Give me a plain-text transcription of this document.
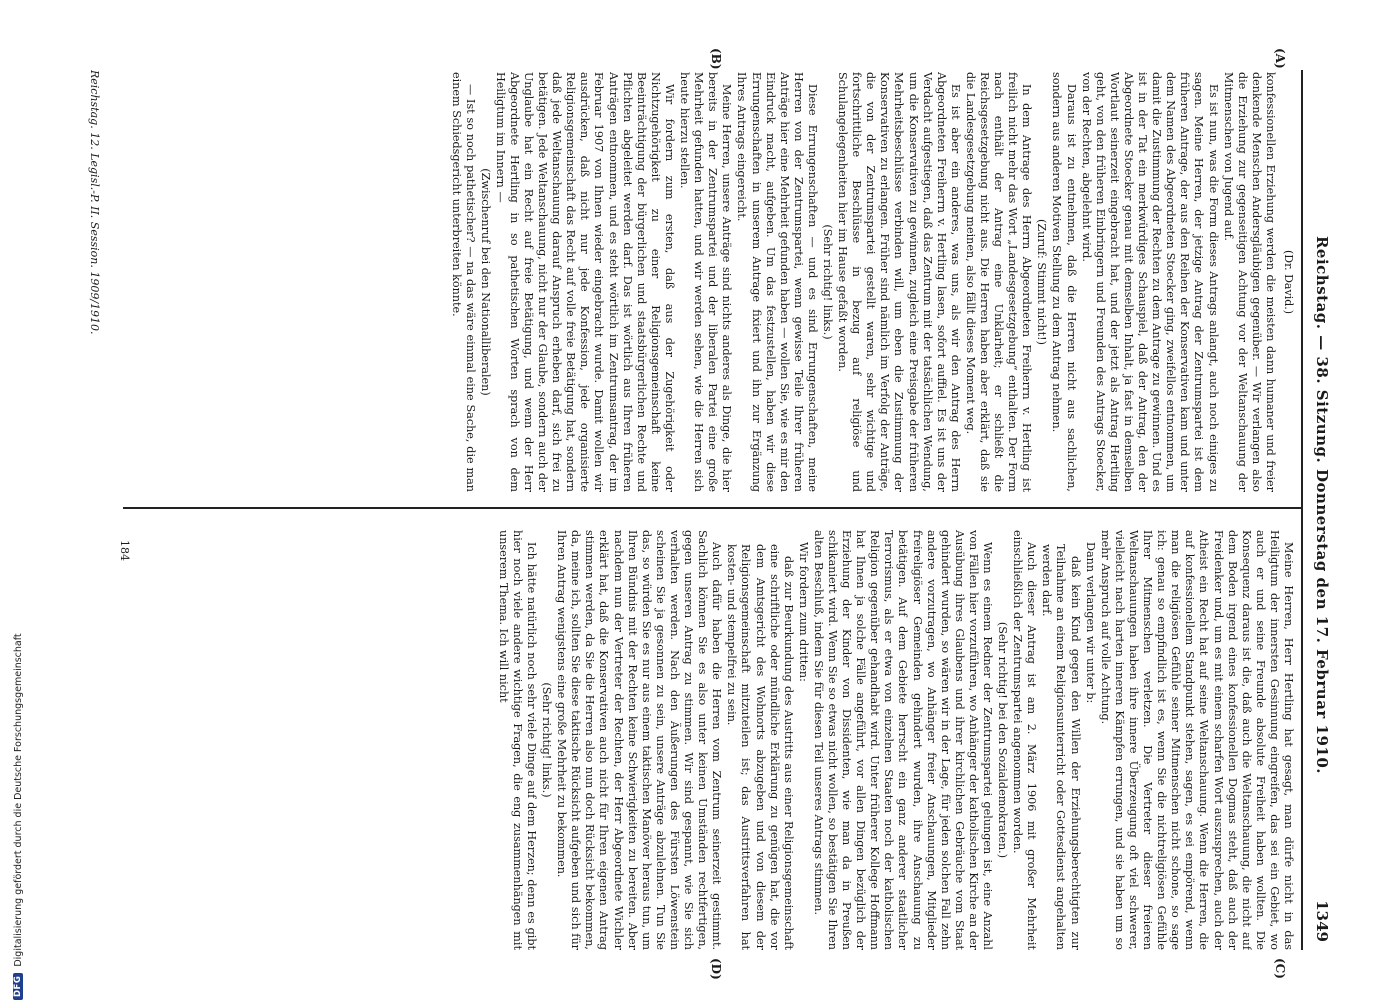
Reichstag. — 38. Sitzung. Donnerstag den 17. Februar 1910.
1349
(A)
(B)
(C)
(D)
(Dr. David.)

konfessionellen Erziehung werden die meisten dann humaner und freier denkende Menschen Andersgläubigen gegenüber. — Wir verlangen also die Erziehung zur gegenseitigen Achtung vor der Weltanschauung der Mitmenschen von Jugend auf.

Es ist nun, was die Form dieses Antrags anlangt, auch noch einiges zu sagen. Meine Herren, der jetzige Antrag der Zentrumspartei ist dem früheren Antrage, der aus den Reihen der Konservativen kam und unter dem Namen des Abgeordneten Stoecker ging, zweifellos entnommen, um damit die Zustimmung der Rechten zu dem Antrage zu gewinnen. Und es ist in der Tat ein merkwürdiges Schauspiel, daß der Antrag, den der Abgeordnete Stoecker genau mit demselben Inhalt, ja fast in demselben Wortlaut seinerzeit eingebracht hat, und der jetzt als Antrag Hertling geht, von den früheren Einbringern und Freunden des Antrags Stoecker, von der Rechten, abgelehnt wird.

Daraus ist zu entnehmen, daß die Herren nicht aus sachlichen, sondern aus anderen Motiven Stellung zu dem Antrag nehmen.

(Zuruf: Stimmt nicht!)

In dem Antrage des Herrn Abgeordneten Freiherrn v. Hertling ist freilich nicht mehr das Wort „Landesgesetzgebung“ enthalten. Der Form nach enthält der Antrag eine Unklarheit; er schließt die Reichsgesetzgebung nicht aus. Die Herren haben aber erklärt, daß sie die Landesgesetzgebung meinen, also fällt dieses Moment weg.

Es ist aber ein anderes, was uns, als wir den Antrag des Herrn Abgeordneten Freiherrn v. Hertling lasen, sofort auffiel. Es ist uns der Verdacht aufgestiegen, daß das Zentrum mit der tatsächlichen Wendung, um die Konservativen zu gewinnen, zugleich eine Preisgabe der früheren Mehrheitsbeschlüsse verbinden will, um eben die Zustimmung der Konservativen zu erlangen. Früher sind nämlich im Verfolg der Anträge, die von der Zentrumspartei gestellt waren, sehr wichtige und fortschrittliche Beschlüsse in bezug auf religiöse und Schulangelegenheiten hier im Hause gefaßt worden.

(Sehr richtig! links.)

Diese Errungenschaften — und es sind Errungenschaften, meine Herren von der Zentrumspartei, wenn gewisse Teile Ihrer früheren Anträge hier eine Mehrheit gefunden haben — wollen Sie, wie es mir den Eindruck macht, aufgeben. Um das festzustellen, haben wir diese Errungenschaften in unserem Antrage fixiert und ihn zur Ergänzung Ihres Antrags eingereicht.

Meine Herren, unsere Anträge sind nichts anderes als Dinge, die hier bereits in der Zentrumspartei und der liberalen Partei eine große Mehrheit gefunden hatten, und wir werden sehen, wie die Herren sich heute hierzu stellen.

Wir fordern zum ersten, daß aus der Zugehörigkeit oder Nichtzugehörigkeit zu einer Religionsgemeinschaft keine Beeinträchtigung der bürgerlichen und staatsbürgerlichen Rechte und Pflichten abgeleitet werden darf. Das ist wörtlich aus Ihren früheren Anträgen entnommen, und es steht wörtlich im Zentrumsantrag, der im Februar 1907 von Ihnen wieder eingebracht wurde. Damit wollen wir ausdrücken, daß nicht nur jede Konfession, jede organisierte Religionsgemeinschaft das Recht auf volle freie Betätigung hat, sondern daß jede Weltanschauung darauf Anspruch erheben darf, sich frei zu betätigen. Jede Weltanschauung, nicht nur der Glaube, sondern auch der Unglaube hat ein Recht auf freie Betätigung, und wenn der Herr Abgeordnete Hertling in so pathetischen Worten sprach von dem Heiligtum im Innern —

(Zwischenruf bei den Nationalliberalen)

— Ist so noch pathetischer? — na das wäre einmal eine Sache, die man einem Schiedsgericht unterbreiten könnte.

Meine Herren, Herr Hertling hat gesagt, man dürfe nicht in das Heiligtum der innersten Gesinnung eingreifen, das sei ein Gebiet, wo auch er und seine Freunde absolute Freiheit haben wollten. Die Konsequenz daraus ist die, daß auch die Weltanschauung, die nicht auf dem Boden irgend eines konfessionellen Dogmas steht, daß auch der Freidenker und, um es mit einem scharfen Wort auszusprechen, auch der Atheist ein Recht hat auf seine Weltanschauung. Wenn die Herren, die auf konfessionellem Standpunkt stehen, sagen, es sei empörend, wenn man die religiösen Gefühle seiner Mitmenschen nicht schone, so sage ich: genau so empfindlich ist es, wenn Sie die nichtreligiösen Gefühle Ihrer Mitmenschen verletzen. Die Vertreter dieser freieren Weltanschauungen haben ihre innere Überzeugung oft viel schwerer, vielleicht nach harten inneren Kämpfen errungen, und sie haben um so mehr Anspruch auf volle Achtung.

Dann verlangen wir unter b:

daß kein Kind gegen den Willen der Erziehungsberechtigten zur Teilnahme an einem Religionsunterricht oder Gottesdienst angehalten werden darf.

Auch dieser Antrag ist am 2. März 1906 mit großer Mehrheit einschließlich der Zentrumspartei angenommen worden.

(Sehr richtig! bei den Sozialdemokraten.)

Wenn es einem Redner der Zentrumspartei gelungen ist, eine Anzahl von Fällen hier vorzuführen, wo Anhänger der katholischen Kirche an der Ausübung ihres Glaubens und ihrer kirchlichen Gebräuche vom Staat gehindert wurden, so wären wir in der Lage, für jeden solchen Fall zehn andere vorzutragen, wo Anhänger freier Anschauungen, Mitglieder freireligiöser Gemeinden gehindert wurden, ihre Anschauung zu betätigen. Auf dem Gebiete herrscht ein ganz anderer staatlicher Terrorismus, als er etwa von einzelnen Staaten noch der katholischen Religion gegenüber gehandhabt wird. Unter früherer Kollege Hoffmann hat Ihnen ja solche Fälle angeführt, vor allen Dingen bezüglich der Erziehung der Kinder von Dissidenten, wie man da in Preußen schikaniert wird. Wenn Sie so etwas nicht wollen, so bestätigen Sie Ihren alten Beschluß, indem Sie für diesen Teil unseres Antrags stimmen.

Wir fordern zum dritten:

daß zur Beurkundung des Austritts aus einer Religionsgemeinschaft eine schriftliche oder mündliche Erklärung zu genügen hat, die vor dem Amtsgericht des Wohnorts abzugeben und von diesem der Religionsgemeinschaft mitzuteilen ist; das Austrittsverfahren hat kosten- und stempelfrei zu sein.

Auch dafür haben die Herren vom Zentrum seinerzeit gestimmt. Sachlich können Sie es also unter keinen Umständen rechtfertigen, gegen unseren Antrag zu stimmen. Wir sind gespannt, wie Sie sich verhalten werden. Nach den Äußerungen des Fürsten Löwenstein scheinen Sie ja gesonnen zu sein, unsere Anträge abzulehnen. Tun Sie das, so würden Sie es nur aus einem taktischen Manöver heraus tun, um Ihren Bündnis mit der Rechten keine Schwierigkeiten zu bereiten. Aber nachdem nun der Vertreter der Rechten, der Herr Abgeordnete Wichler erklärt hat, daß die Konservativen auch nicht für Ihren eigenen Antrag stimmen werden, da Sie die Herren also nun doch Rücksicht bekommen, da, meine ich, sollten Sie diese taktische Rücksicht aufgeben und sich für Ihren Antrag wenigstens eine große Mehrheit zu bekommen.

(Sehr richtig! links.)

Ich hätte natürlich noch sehr viele Dinge auf dem Herzen; denn es gibt hier noch viele andere wichtige Fragen, die eng zusammenhängen mit unserem Thema. Ich will nicht

Reichstag. 12. Legisl.-P. II. Session. 1909/1910.
184
DFG
Digitalisierung gefördert durch die Deutsche Forschungsgemeinschaft
